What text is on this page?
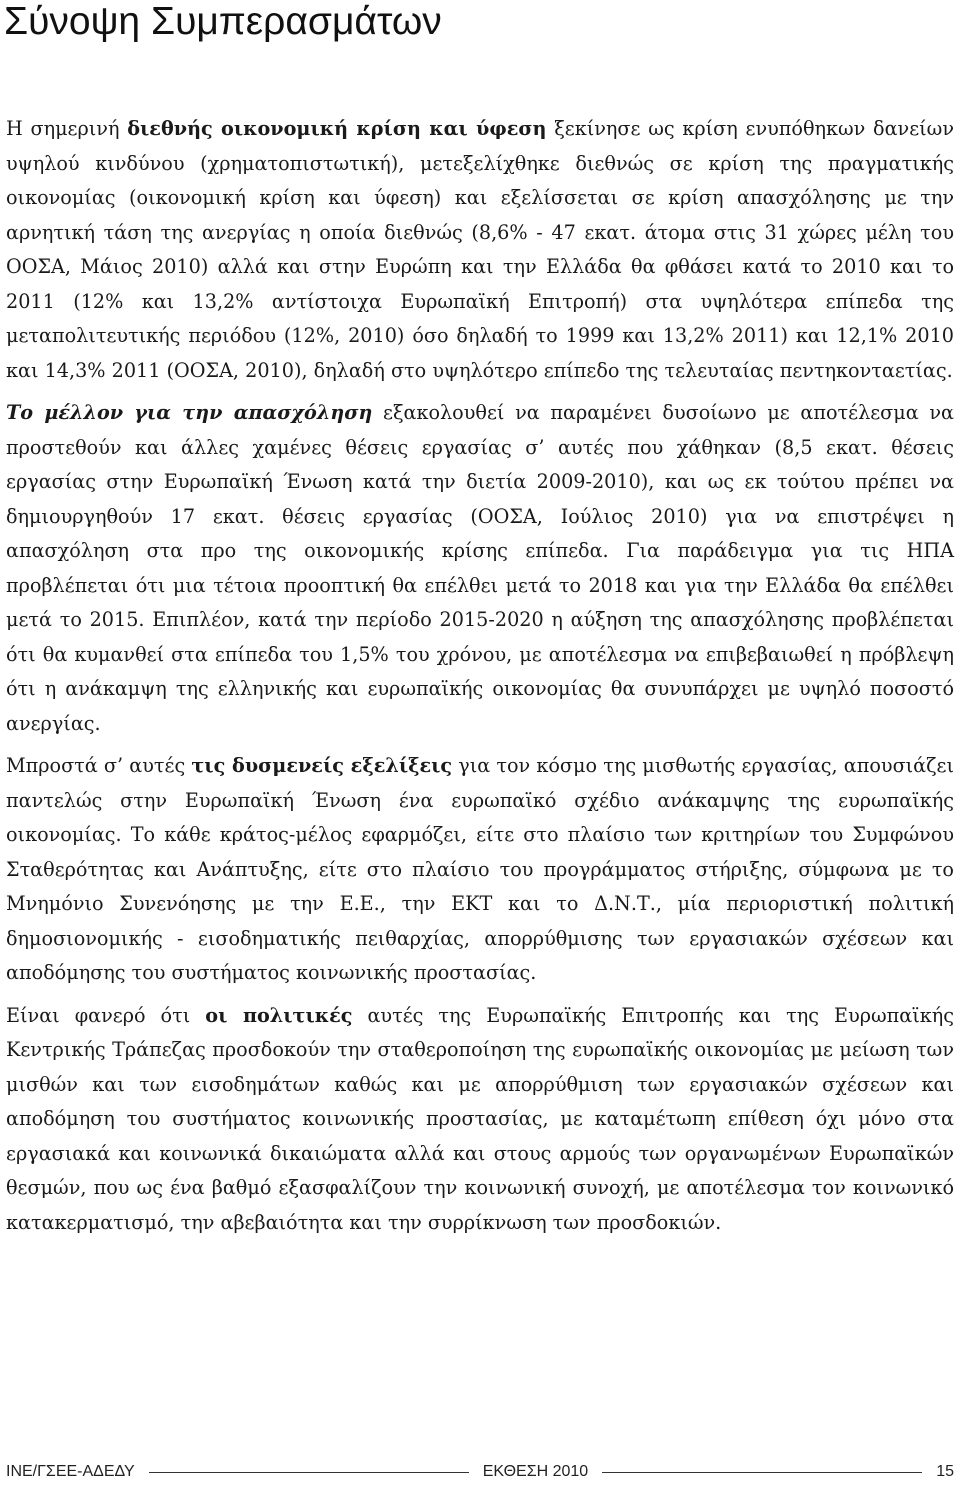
Σύνοψη Συμπερασμάτων

Η σημερινή διεθνής οικονομική κρίση και ύφεση ξεκίνησε ως κρίση ενυπόθηκων δανείων υψηλού κινδύνου (χρηματοπιστωτική), μετεξελίχθηκε διεθνώς σε κρίση της πραγματικής οικονομίας (οικονομική κρίση και ύφεση) και εξελίσσεται σε κρίση απασχόλησης με την αρνητική τάση της ανεργίας η οποία διεθνώς (8,6% - 47 εκατ. άτομα στις 31 χώρες μέλη του ΟΟΣΑ, Μάιος 2010) αλλά και στην Ευρώπη και την Ελλάδα θα φθάσει κατά το 2010 και το 2011 (12% και 13,2% αντίστοιχα Ευρωπαϊκή Επιτροπή) στα υψηλότερα επίπεδα της μεταπολιτευτικής περιόδου (12%, 2010) όσο δηλαδή το 1999 και 13,2% 2011) και 12,1% 2010 και 14,3% 2011 (ΟΟΣΑ, 2010), δηλαδή στο υψηλότερο επίπεδο της τελευταίας πεντηκονταετίας.

Το μέλλον για την απασχόληση εξακολουθεί να παραμένει δυσοίωνο με αποτέλεσμα να προστεθούν και άλλες χαμένες θέσεις εργασίας σ’ αυτές που χάθηκαν (8,5 εκατ. θέσεις εργασίας στην Ευρωπαϊκή Ένωση κατά την διετία 2009-2010), και ως εκ τούτου πρέπει να δημιουργηθούν 17 εκατ. θέσεις εργασίας (ΟΟΣΑ, Ιούλιος 2010) για να επιστρέψει η απασχόληση στα προ της οικονομικής κρίσης επίπεδα. Για παράδειγμα για τις ΗΠΑ προβλέπεται ότι μια τέτοια προοπτική θα επέλθει μετά το 2018 και για την Ελλάδα θα επέλθει μετά το 2015. Επιπλέον, κατά την περίοδο 2015-2020 η αύξηση της απασχόλησης προβλέπεται ότι θα κυμανθεί στα επίπεδα του 1,5% του χρόνου, με αποτέλεσμα να επιβεβαιωθεί η πρόβλεψη ότι η ανάκαμψη της ελληνικής και ευρωπαϊκής οικονομίας θα συνυπάρχει με υψηλό ποσοστό ανεργίας.

Μπροστά σ’ αυτές τις δυσμενείς εξελίξεις για τον κόσμο της μισθωτής εργασίας, απουσιάζει παντελώς στην Ευρωπαϊκή Ένωση ένα ευρωπαϊκό σχέδιο ανάκαμψης της ευρωπαϊκής οικονομίας. Το κάθε κράτος-μέλος εφαρμόζει, είτε στο πλαίσιο των κριτηρίων του Συμφώνου Σταθερότητας και Ανάπτυξης, είτε στο πλαίσιο του προγράμματος στήριξης, σύμφωνα με το Μνημόνιο Συνενόησης με την Ε.Ε., την ΕΚΤ και το Δ.Ν.Τ., μία περιοριστική πολιτική δημοσιονομικής - εισοδηματικής πειθαρχίας, απορρύθμισης των εργασιακών σχέσεων και αποδόμησης του συστήματος κοινωνικής προστασίας.

Είναι φανερό ότι οι πολιτικές αυτές της Ευρωπαϊκής Επιτροπής και της Ευρωπαϊκής Κεντρικής Τράπεζας προσδοκούν την σταθεροποίηση της ευρωπαϊκής οικονομίας με μείωση των μισθών και των εισοδημάτων καθώς και με απορρύθμιση των εργασιακών σχέσεων και αποδόμηση του συστήματος κοινωνικής προστασίας, με καταμέτωπη επίθεση όχι μόνο στα εργασιακά και κοινωνικά δικαιώματα αλλά και στους αρμούς των οργανωμένων Ευρωπαϊκών θεσμών, που ως ένα βαθμό εξασφαλίζουν την κοινωνική συνοχή, με αποτέλεσμα τον κοινωνικό κατακερματισμό, την αβεβαιότητα και την συρρίκνωση των προσδοκιών.

ΙΝΕ/ΓΣΕΕ-ΑΔΕΔΥ	ΕΚΘΕΣΗ 2010	15
